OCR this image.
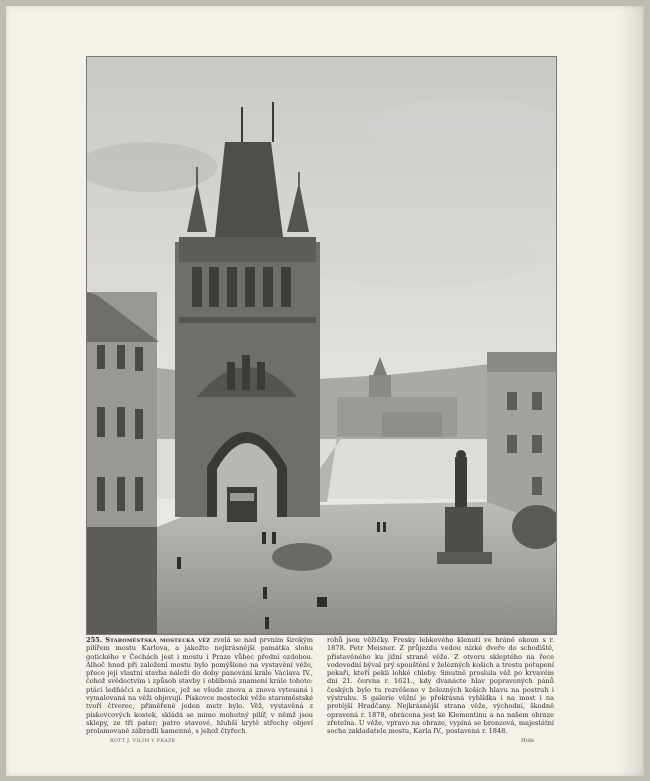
255. Staroměstská mostecká věž zvolá se nad prvním širokým pilířem mostu Karlova, a jakožto nejkrásnější památka slohu gotického v Čechách jest i mostu i Praze vůbec přední ozdobou. Alhoč hned při založení mostu bylo pomýšleno na vystavění věže, přece její vlastní stavba náleží do doby panování krále Václava IV., čehož svědectvím i způsob stavby i oblíbená znamení krále tohoto: ptáci ledňáčci a lazebnice, jež se všude znova a znova vytesaná i vymalovaná na věži objevují. Pískovce mostecké věže staroměstské tvoří čtverec, přiměřeně jeden metr bylo. Věž, vystavěná z pískovcových kostek, skládá se mimo mohutný pilíř, v němž jsou sklepy, ze tří pater; patro stavové, hlubší krytě střechy objeví prolamovaně zábradlí kamenné, s jehož čtyřech
rohů jsou věžičky. Fresky lebkového klenutí ve bráně okoun s r. 1878. Petr Meisner. Z průjezdu vedou nízké dveře do schodiště, přístavěného ku jižní straně věže. Z otvoru skleptého na řece vodovodní býval prý spouštění v železných koších a trestu potupení pekaři, kteří pekli lehké chleby. Smutně proslula věž po krvavém dni 21. června r. 1621., kdy dvanácte hlav popravených pánů českých bylo tu rozvěšeno v železných koších hlavu na postruh i výstrahu. S galerie věžní je překrásná vyhlídka i na most i na protější Hradčany. Nejkrásnější strana věže, východní, škodně opravená r. 1878, obrácena jest ke Klementinu a na našem obraze zřetelna. U věže, vpravo na obraze, vypíná se bronzová, majestátní socha zakladatele mostu, Karla IV., postavená r. 1848.
ROTT J. VILÍM V PRAZE	Hole
